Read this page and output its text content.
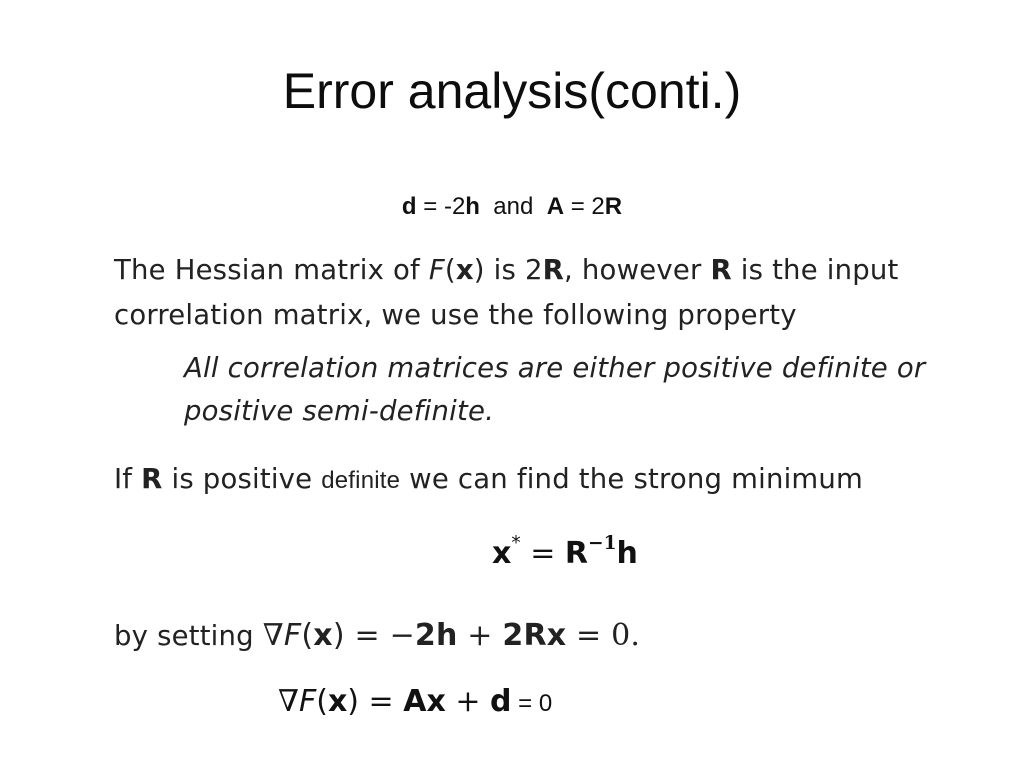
Error analysis(conti.)
d = -2h  and  A = 2R
The Hessian matrix of F(x) is 2R, however R is the input
correlation matrix, we use the following property
All correlation matrices are either positive definite or
positive semi-definite.
If R is positive definite we can find the strong minimum
$x^* = R^{-1}h$
by setting ∇F(x) = −2h + 2Rx = 0.
∇F(x) = Ax + d = 0
